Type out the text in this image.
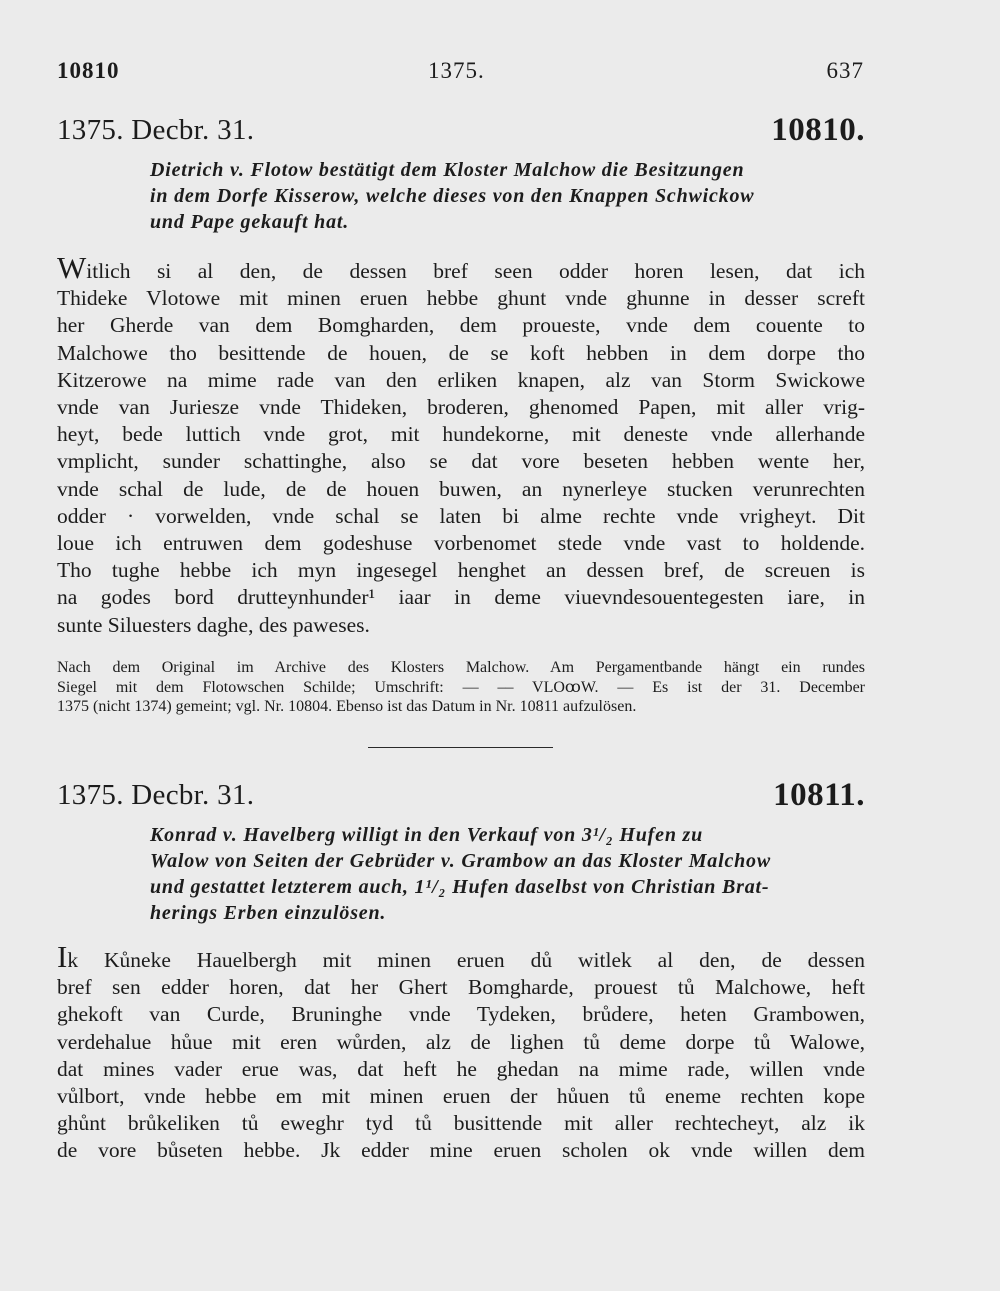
10810	1375.	637
1375. Decbr. 31.	10810.
Dietrich v. Flotow bestätigt dem Kloster Malchow die Besitzungen
in dem Dorfe Kisserow, welche dieses von den Knappen Schwickow
und Pape gekauft hat.
Witlich si al den, de dessen bref seen odder horen lesen, dat ich
Thideke Vlotowe mit minen eruen hebbe ghunt vnde ghunne in desser screft
her Gherde van dem Bomgharden, dem proueste, vnde dem couente to
Malchowe tho besittende de houen, de se koft hebben in dem dorpe tho
Kitzerowe na mime rade van den erliken knapen, alz van Storm Swickowe
vnde van Juriesze vnde Thideken, broderen, ghenomed Papen, mit aller vrig-
heyt, bede luttich vnde grot, mit hundekorne, mit deneste vnde allerhande
vmplicht, sunder schattinghe, also se dat vore beseten hebben wente her,
vnde schal de lude, de de houen buwen, an nynerleye stucken verunrechten
odder · vorwelden, vnde schal se laten bi alme rechte vnde vrigheyt. Dit
loue ich entruwen dem godeshuse vorbenomet stede vnde vast to holdende.
Tho tughe hebbe ich myn ingesegel henghet an dessen bref, de screuen is
na godes bord drutteynhunder¹ iaar in deme viuevndesouentegesten iare, in
sunte Siluesters daghe, des paweses.
Nach dem Original im Archive des Klosters Malchow. Am Pergamentbande hängt ein rundes
Siegel mit dem Flotowschen Schilde; Umschrift: — –– VLOꝏW. — Es ist der 31. December
1375 (nicht 1374) gemeint; vgl. Nr. 10804. Ebenso ist das Datum in Nr. 10811 aufzulösen.
1375. Decbr. 31.	10811.
Konrad v. Havelberg willigt in den Verkauf von 3¹/₂ Hufen zu
Walow von Seiten der Gebrüder v. Grambow an das Kloster Malchow
und gestattet letzterem auch, 1¹/₂ Hufen daselbst von Christian Brat-
herings Erben einzulösen.
Ik Kůneke Hauelbergh mit minen eruen dů witlek al den, de dessen
bref sen edder horen, dat her Ghert Bomgharde, prouest tů Malchowe, heft
ghekoft van Curde, Bruninghe vnde Tydeken, brůdere, heten Grambowen,
verdehalue hůue mit eren wůrden, alz de lighen tů deme dorpe tů Walowe,
dat mines vader erue was, dat heft he ghedan na mime rade, willen vnde
vůlbort, vnde hebbe em mit minen eruen der hůuen tů eneme rechten kope
ghůnt brůkeliken tů eweghr tyd tů busittende mit aller rechtecheyt, alz ik
de vore bůseten hebbe. Jk edder mine eruen scholen ok vnde willen dem
